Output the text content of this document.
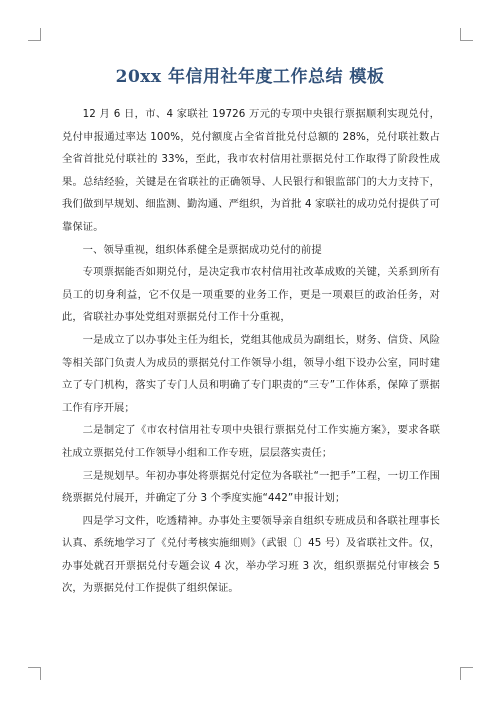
20xx 年信用社年度工作总结 模板

12 月 6 日，市、4 家联社 19726 万元的专项中央银行票据顺利实现兑付，兑付申报通过率达 100%，兑付额度占全省首批兑付总额的 28%，兑付联社数占全省首批兑付联社的 33%，至此，我市农村信用社票据兑付工作取得了阶段性成果。总结经验，关键是在省联社的正确领导、人民银行和银监部门的大力支持下，我们做到早规划、细监测、勤沟通、严组织，为首批 4 家联社的成功兑付提供了可靠保证。

一、领导重视，组织体系健全是票据成功兑付的前提

专项票据能否如期兑付，是决定我市农村信用社改革成败的关键，关系到所有员工的切身利益，它不仅是一项重要的业务工作，更是一项艰巨的政治任务，对此，省联社办事处党组对票据兑付工作十分重视，

一是成立了以办事处主任为组长，党组其他成员为副组长，财务、信贷、风险等相关部门负责人为成员的票据兑付工作领导小组，领导小组下设办公室，同时建立了专门机构，落实了专门人员和明确了专门职责的“三专”工作体系，保障了票据工作有序开展；

二是制定了《市农村信用社专项中央银行票据兑付工作实施方案》，要求各联社成立票据兑付工作领导小组和工作专班，层层落实责任；

三是规划早。年初办事处将票据兑付定位为各联社“一把手”工程，一切工作围绕票据兑付展开，并确定了分 3 个季度实施“442”申报计划；

四是学习文件，吃透精神。办事处主要领导亲自组织专班成员和各联社理事长认真、系统地学习了《兑付考核实施细则》（武银〔〕45 号）及省联社文件。仅，办事处就召开票据兑付专题会议 4 次，举办学习班 3 次，组织票据兑付审核会 5 次，为票据兑付工作提供了组织保证。
